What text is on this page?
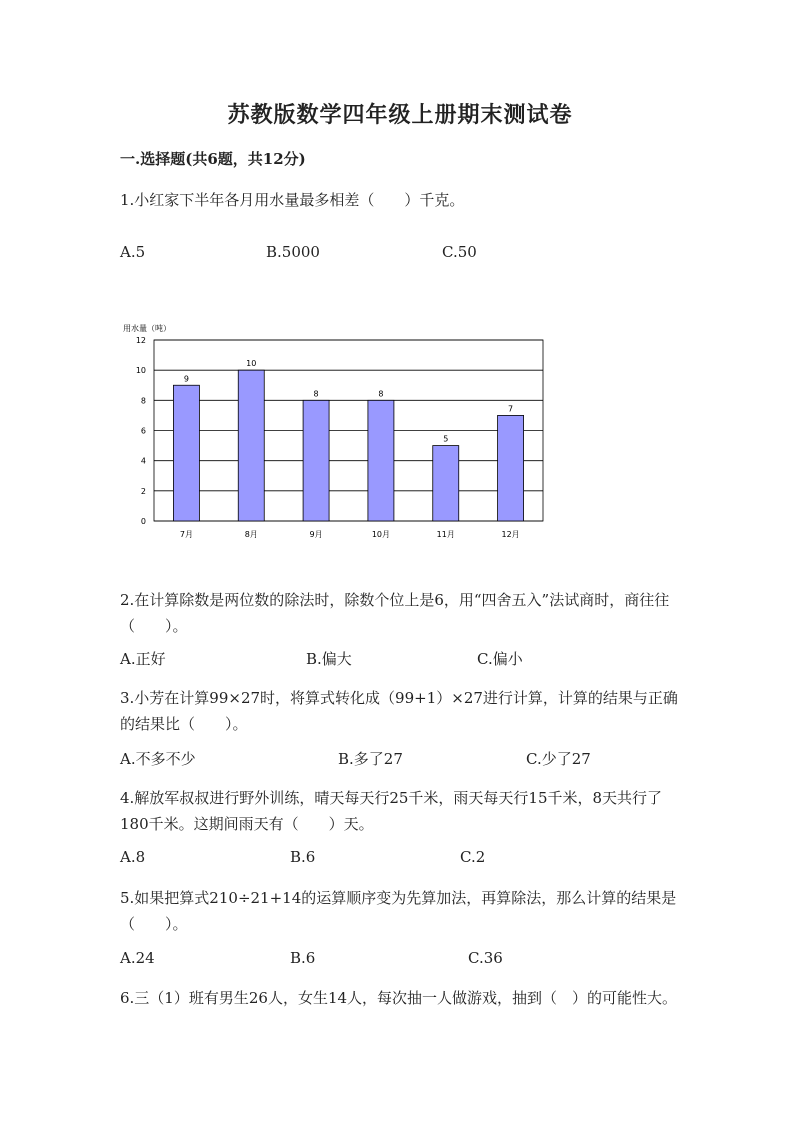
苏教版数学四年级上册期末测试卷
一.选择题(共6题，共12分)
1.小红家下半年各月用水量最多相差（　　）千克。
A.5	B.5000	C.50
用水量（吨）
0
2
4
6
8
10
12
9
7月
10
8月
8
9月
8
10月
5
11月
7
12月
2.在计算除数是两位数的除法时，除数个位上是6，用“四舍五入”法试商时，商往往（　　）。
A.正好	B.偏大	C.偏小
3.小芳在计算99×27时，将算式转化成（99+1）×27进行计算，计算的结果与正确的结果比（　　）。
A.不多不少	B.多了27	C.少了27
4.解放军叔叔进行野外训练，晴天每天行25千米，雨天每天行15千米，8天共行了180千米。这期间雨天有（　　）天。
A.8	B.6	C.2
5.如果把算式210÷21+14的运算顺序变为先算加法，再算除法，那么计算的结果是（　　）。
A.24	B.6	C.36
6.三（1）班有男生26人，女生14人，每次抽一人做游戏，抽到（　）的可能性大。
